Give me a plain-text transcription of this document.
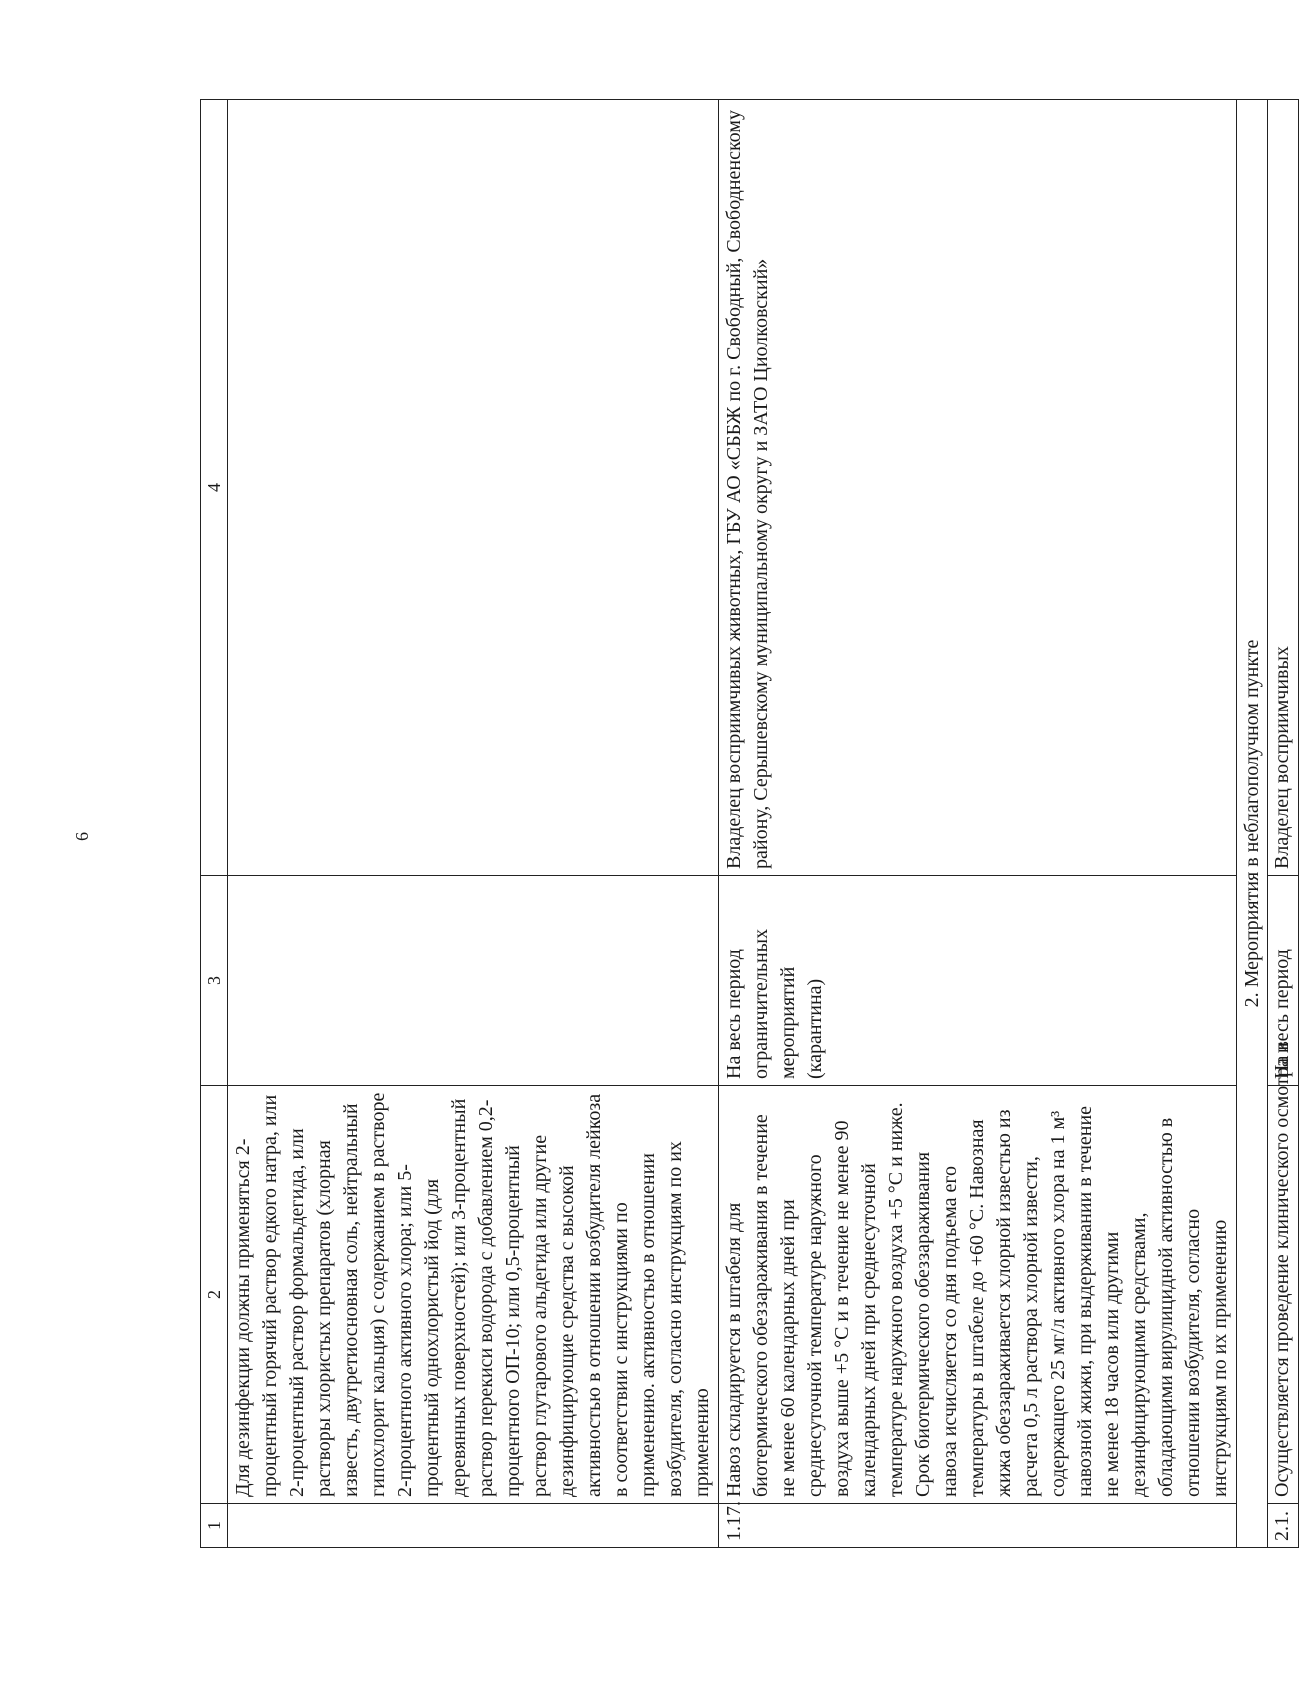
6
1	2	3	4
	Для дезинфекции должны применяться 2-процентный горячий раствор едкого натра, или 2-процентный раствор формальдегида, или растворы хлористых препаратов (хлорная известь, двутретиосновная соль, нейтральный гипохлорит кальция) с содержанием в растворе 2-процентного активного хлора; или 5-процентный однохлористый йод (для деревянных поверхностей); или 3-процентный раствор перекиси водорода с добавлением 0,2-процентного ОП-10; или 0,5-процентный раствор глутарового альдегида или другие дезинфицирующие средства с высокой активностью в отношении возбудителя лейкоза в соответствии с инструкциями по применению. активностью в отношении возбудителя, согласно инструкциям по их применению		
1.17.	Навоз складируется в штабеля для биотермического обеззараживания в течение не менее 60 календарных дней при среднесуточной температуре наружного воздуха выше +5 °С и в течение не менее 90 календарных дней при среднесуточной температуре наружного воздуха +5 °С и ниже. Срок биотермического обеззараживания навоза исчисляется со дня подъема его температуры в штабеле до +60 °С. Навозная жижа обеззараживается хлорной известью из расчета 0,5 л раствора хлорной извести, содержащего 25 мг/л активного хлора на 1 м³ навозной жижи, при выдерживании в течение не менее 18 часов или другими дезинфицирующими средствами, обладающими вирулицидной активностью в отношении возбудителя, согласно инструкциям по их применению	На весь период ограничительных мероприятий (карантина)	Владелец восприимчивых животных, ГБУ АО «СББЖ по г. Свободный, Свободненскому району, Серышевскому муниципальному округу и ЗАТО Циолковский»
2. Мероприятия в неблагополучном пункте			
2.1.	Осуществляется проведение клинического осмотра и	На весь период	Владелец восприимчивых
